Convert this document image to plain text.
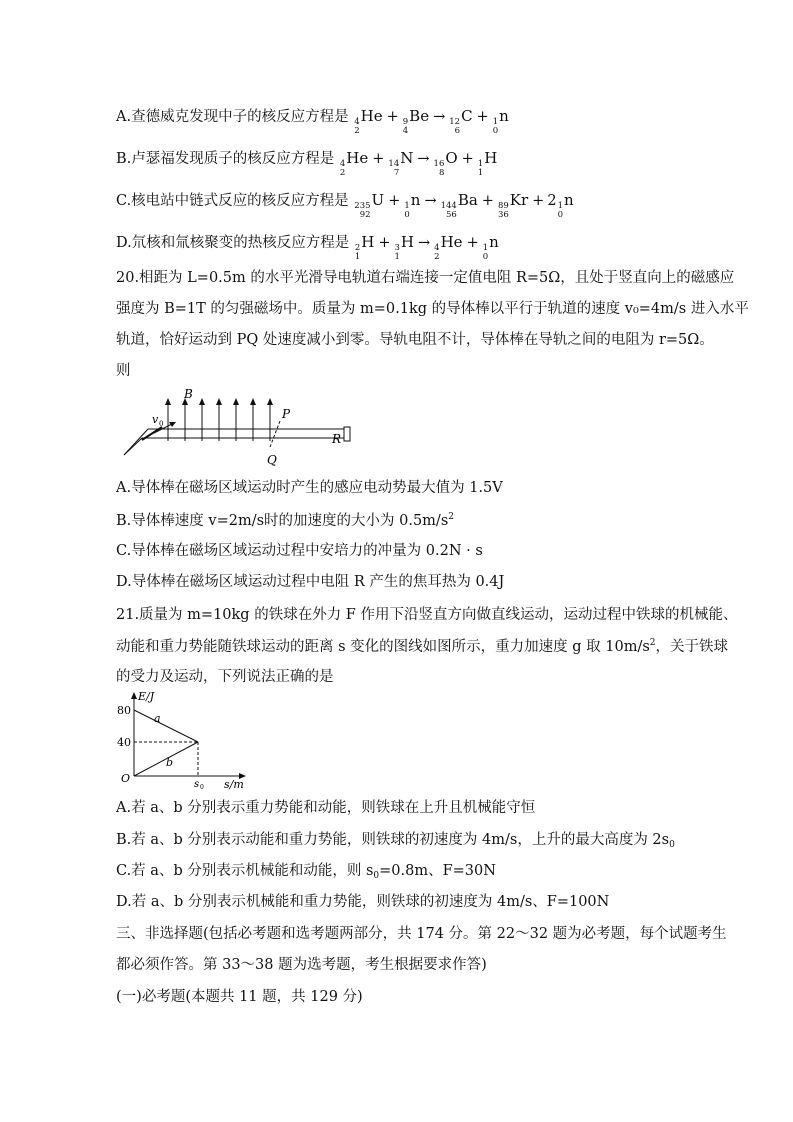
A.查德威克发现中子的核反应方程是 4
2
He + 9
4
Be → 12
6
C + 1
0
n
B.卢瑟福发现质子的核反应方程是 4
2
He + 14
7
N → 16
8
O + 1
1
H
C.核电站中链式反应的核反应方程是 235
92
U + 1
0
n → 144
56
Ba + 89
36
Kr + 2 1
0
n
D.氘核和氚核聚变的热核反应方程是 2
1
H + 3
1
H → 4
2
He + 1
0
n
20.相距为 L=0.5m 的水平光滑导电轨道右端连接一定值电阻 R=5Ω，且处于竖直向上的磁感应
强度为 B=1T 的匀强磁场中。质量为 m=0.1kg 的导体棒以平行于轨道的速度 v₀=4m/s 进入水平
轨道，恰好运动到 PQ 处速度减小到零。导轨电阻不计，导体棒在导轨之间的电阻为 r=5Ω。
则
B
v 0
P
Q
R
A.导体棒在磁场区域运动时产生的感应电动势最大值为 1.5V
B.导体棒速度 v=2m/s时的加速度的大小为 $0.5m/s^2$
C.导体棒在磁场区域运动过程中安培力的冲量为 0.2N · s
D.导体棒在磁场区域运动过程中电阻 R 产生的焦耳热为 0.4J
21.质量为 m=10kg 的铁球在外力 F 作用下沿竖直方向做直线运动，运动过程中铁球的机械能、
动能和重力势能随铁球运动的距离 s 变化的图线如图所示，重力加速度 g 取 $10m/s^2$，关于铁球
的受力及运动，下列说法正确的是
E/J
80
40
O
a
b
s 0 s/m
A.若 a、b 分别表示重力势能和动能，则铁球在上升且机械能守恒
B.若 a、b 分别表示动能和重力势能，则铁球的初速度为 4m/s，上升的最大高度为 $2s_0$
C.若 a、b 分别表示机械能和动能，则 $s_0=0.8m$、F=30N
D.若 a、b 分别表示机械能和重力势能，则铁球的初速度为 4m/s、F=100N
三、非选择题(包括必考题和选考题两部分，共 174 分。第 22～32 题为必考题，每个试题考生
都必须作答。第 33～38 题为选考题，考生根据要求作答)
(一)必考题(本题共 11 题，共 129 分)
